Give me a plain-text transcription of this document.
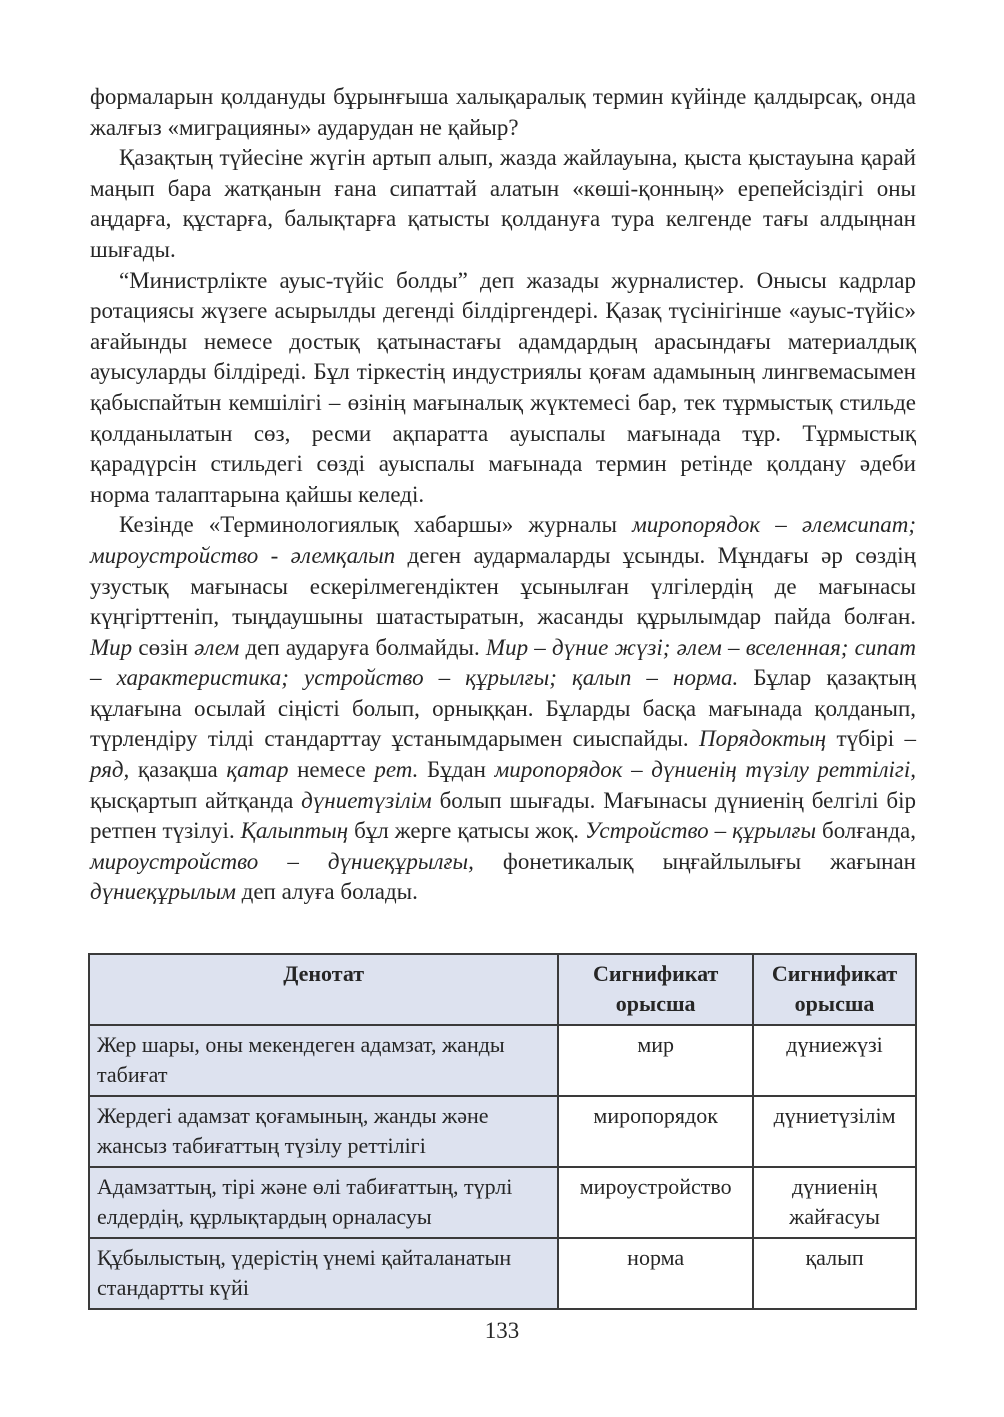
формаларын қолдануды бұрынғыша халықаралық термин күйінде қалдырсақ, онда жалғыз «миграцияны» аударудан не қайыр?

Қазақтың түйесіне жүгін артып алып, жазда жайлауына, қыста қыстауына қарай маңып бара жатқанын ғана сипаттай алатын «көші-қонның» ерепейсіздігі оны аңдарға, құстарға, балықтарға қатысты қолдануға тура келгенде тағы алдыңнан шығады.

“Министрлікте ауыс-түйіс болды” деп жазады журналистер. Онысы кадрлар ротациясы жүзеге асырылды дегенді білдіргендері. Қазақ түсінігінше «ауыс-түйіс» ағайынды немесе достық қатынастағы адамдардың арасындағы материалдық ауысуларды білдіреді. Бұл тіркестің индустриялы қоғам адамының лингвемасымен қабыспайтын кемшілігі – өзінің мағыналық жүктемесі бар, тек тұрмыстық стильде қолданылатын сөз, ресми ақпаратта ауыспалы мағынада тұр. Тұрмыстық қарадүрсін стильдегі сөзді ауыспалы мағынада термин ретінде қолдану әдеби норма талаптарына қайшы келеді.

Кезінде «Терминологиялық хабаршы» журналы миропорядок – әлемсипат; мироустройство - әлемқалып деген аудармаларды ұсынды. Мұндағы әр сөздің узустық мағынасы ескерілмегендіктен ұсынылған үлгілердің де мағынасы күңгірттеніп, тыңдаушыны шатастыратын, жасанды құрылымдар пайда болған. Мир сөзін әлем деп аударуға болмайды. Мир – дүние жүзі; әлем – вселенная; сипат – характеристика; устройство – құрылғы; қалып – норма. Бұлар қазақтың құлағына осылай сіңісті болып, орныққан. Бұларды басқа мағынада қолданып, түрлендіру тілді стандарттау ұстанымдарымен сиыспайды. Порядоктың түбірі – ряд, қазақша қатар немесе рет. Бұдан миропорядок – дүниенің түзілу реттілігі, қысқартып айтқанда дүниетүзілім болып шығады. Мағынасы дүниенің белгілі бір ретпен түзілуі. Қалыптың бұл жерге қатысы жоқ. Устройство – құрылғы болғанда, мироустройство – дүниеқұрылғы, фонетикалық ыңғайлылығы жағынан дүниеқұрылым деп алуға болады.

Денотат	Сигнификат орысша	Сигнификат орысша
Жер шары, оны мекендеген адамзат, жанды табиғат	мир	дүниежүзі
Жердегі адамзат қоғамының, жанды және жансыз табиғаттың түзілу реттілігі	миропорядок	дүниетүзілім
Адамзаттың, тірі және өлі табиғаттың, түрлі елдердің, құрлықтардың орналасуы	мироустройство	дүниенің жайғасуы
Құбылыстың, үдерістің үнемі қайталанатын стандартты күйі	норма	қалып
133
